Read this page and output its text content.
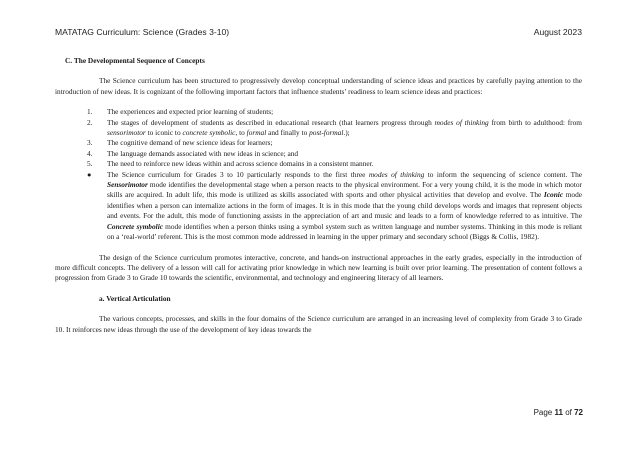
MATATAG Curriculum: Science (Grades 3-10)	August 2023

C. The Developmental Sequence of Concepts

The Science curriculum has been structured to progressively develop conceptual understanding of science ideas and practices by carefully paying attention to the introduction of new ideas. It is cognizant of the following important factors that influence students’ readiness to learn science ideas and practices:

1. The experiences and expected prior learning of students;
2. The stages of development of students as described in educational research (that learners progress through modes of thinking from birth to adulthood: from sensorimotor to iconic to concrete symbolic, to formal and finally to post-formal.);
3. The cognitive demand of new science ideas for learners;
4. The language demands associated with new ideas in science; and
5. The need to reinforce new ideas within and across science domains in a consistent manner.
● The Science curriculum for Grades 3 to 10 particularly responds to the first three modes of thinking to inform the sequencing of science content. The Sensorimotor mode identifies the developmental stage when a person reacts to the physical environment. For a very young child, it is the mode in which motor skills are acquired. In adult life, this mode is utilized as skills associated with sports and other physical activities that develop and evolve. The Iconic mode identifies when a person can internalize actions in the form of images. It is in this mode that the young child develops words and images that represent objects and events. For the adult, this mode of functioning assists in the appreciation of art and music and leads to a form of knowledge referred to as intuitive. The Concrete symbolic mode identifies when a person thinks using a symbol system such as written language and number systems. Thinking in this mode is reliant on a ‘real-world’ referent. This is the most common mode addressed in learning in the upper primary and secondary school (Biggs & Collis, 1982).

The design of the Science curriculum promotes interactive, concrete, and hands-on instructional approaches in the early grades, especially in the introduction of more difficult concepts. The delivery of a lesson will call for activating prior knowledge in which new learning is built over prior learning. The presentation of content follows a progression from Grade 3 to Grade 10 towards the scientific, environmental, and technology and engineering literacy of all learners.

a. Vertical Articulation

The various concepts, processes, and skills in the four domains of the Science curriculum are arranged in an increasing level of complexity from Grade 3 to Grade 10. It reinforces new ideas through the use of the development of key ideas towards the

Page 11 of 72
